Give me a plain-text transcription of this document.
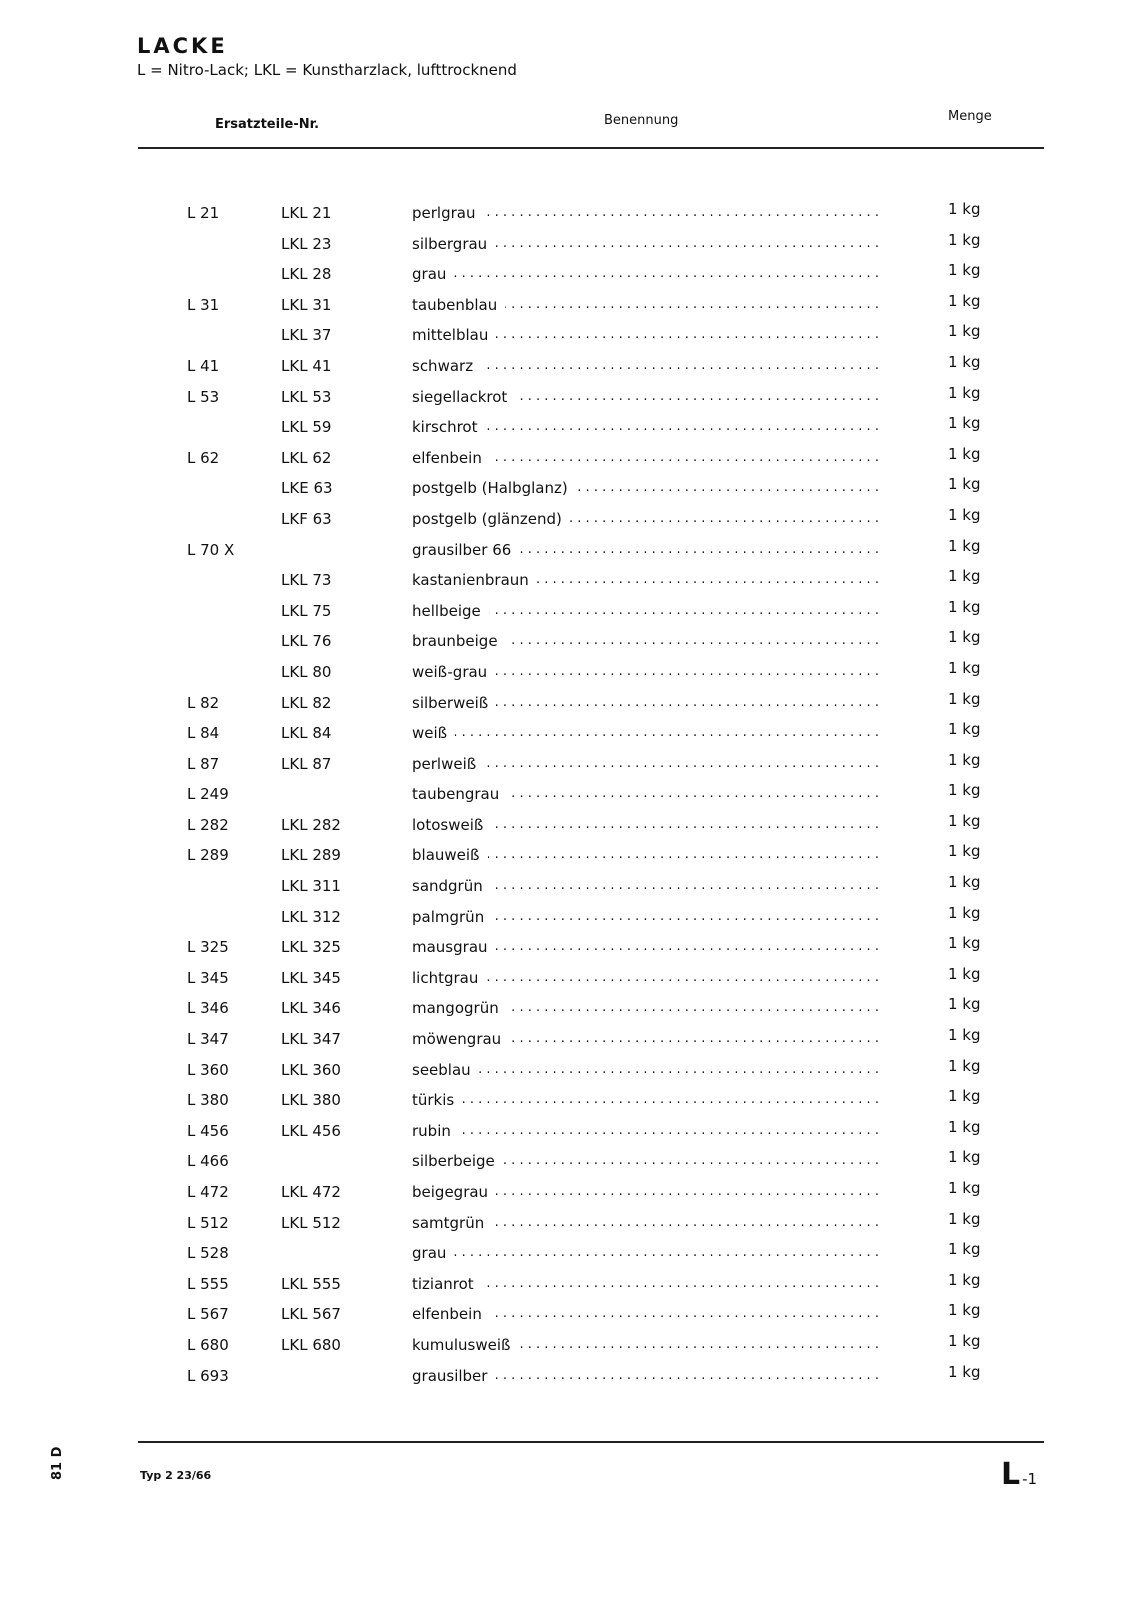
LACKE
L = Nitro-Lack; LKL = Kunstharzlack, lufttrocknend
Ersatzteile-Nr.	Benennung	Menge
L 21	LKL 21	perlgrau . . .	1 kg
LKL 23	silbergrau . . .	1 kg
LKL 28	grau . . .	1 kg
L 31	LKL 31	taubenblau . . .	1 kg
LKL 37	mittelblau . . .	1 kg
L 41	LKL 41	schwarz . . .	1 kg
L 53	LKL 53	siegellackrot . . .	1 kg
LKL 59	kirschrot . . .	1 kg
L 62	LKL 62	elfenbein . . .	1 kg
LKE 63	postgelb (Halbglanz) . . .	1 kg
LKF 63	postgelb (glänzend) . . .	1 kg
L 70 X	grausilber 66 . . .	1 kg
LKL 73	kastanienbraun . . .	1 kg
LKL 75	hellbeige . . .	1 kg
LKL 76	braunbeige . . .	1 kg
LKL 80	weiß-grau . . .	1 kg
L 82	LKL 82	silberweiß . . .	1 kg
L 84	LKL 84	weiß . . .	1 kg
L 87	LKL 87	perlweiß . . .	1 kg
L 249	taubengrau . . .	1 kg
L 282	LKL 282	lotosweiß . . .	1 kg
L 289	LKL 289	blauweiß . . .	1 kg
LKL 311	sandgrün . . .	1 kg
LKL 312	palmgrün . . .	1 kg
L 325	LKL 325	mausgrau . . .	1 kg
L 345	LKL 345	lichtgrau . . .	1 kg
L 346	LKL 346	mangogrün . . .	1 kg
L 347	LKL 347	möwengrau . . .	1 kg
L 360	LKL 360	seeblau . . .	1 kg
L 380	LKL 380	türkis . . .	1 kg
L 456	LKL 456	rubin . . .	1 kg
L 466	silberbeige . . .	1 kg
L 472	LKL 472	beigegrau . . .	1 kg
L 512	LKL 512	samtgrün . . .	1 kg
L 528	grau . . .	1 kg
L 555	LKL 555	tizianrot . . .	1 kg
L 567	LKL 567	elfenbein . . .	1 kg
L 680	LKL 680	kumulusweiß . . .	1 kg
L 693	grausilber . . .	1 kg
81 D	Typ 2 23/66	L -1
